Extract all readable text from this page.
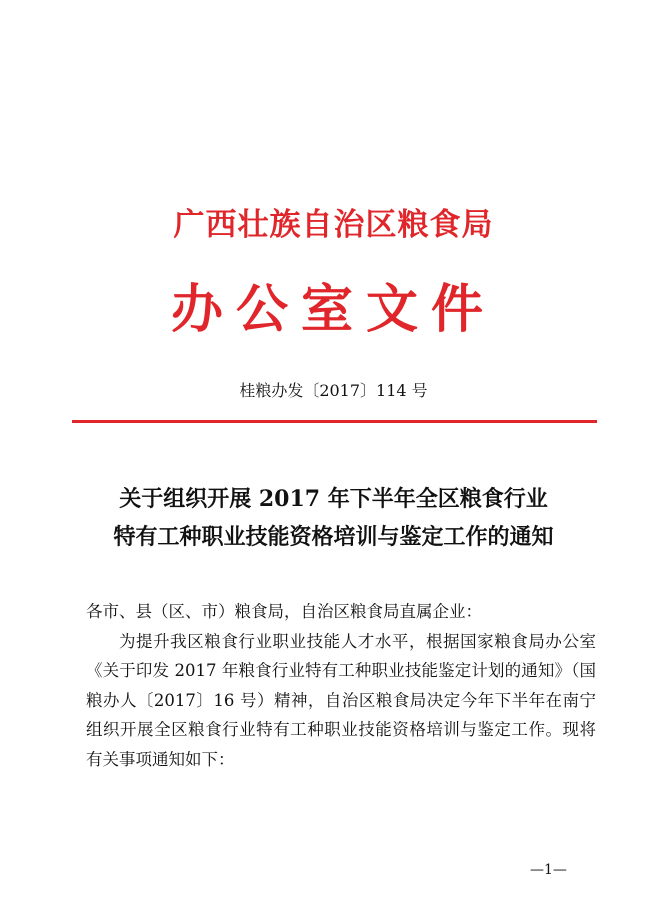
广西壮族自治区粮食局
办公室文件
桂粮办发〔2017〕114 号
关于组织开展 2017 年下半年全区粮食行业
特有工种职业技能资格培训与鉴定工作的通知

各市、县（区、市）粮食局，自治区粮食局直属企业：

为提升我区粮食行业职业技能人才水平，根据国家粮食局办公室《关于印发 2017 年粮食行业特有工种职业技能鉴定计划的通知》（国粮办人〔2017〕16 号）精神，自治区粮食局决定今年下半年在南宁组织开展全区粮食行业特有工种职业技能资格培训与鉴定工作。现将有关事项通知如下：

—1—
